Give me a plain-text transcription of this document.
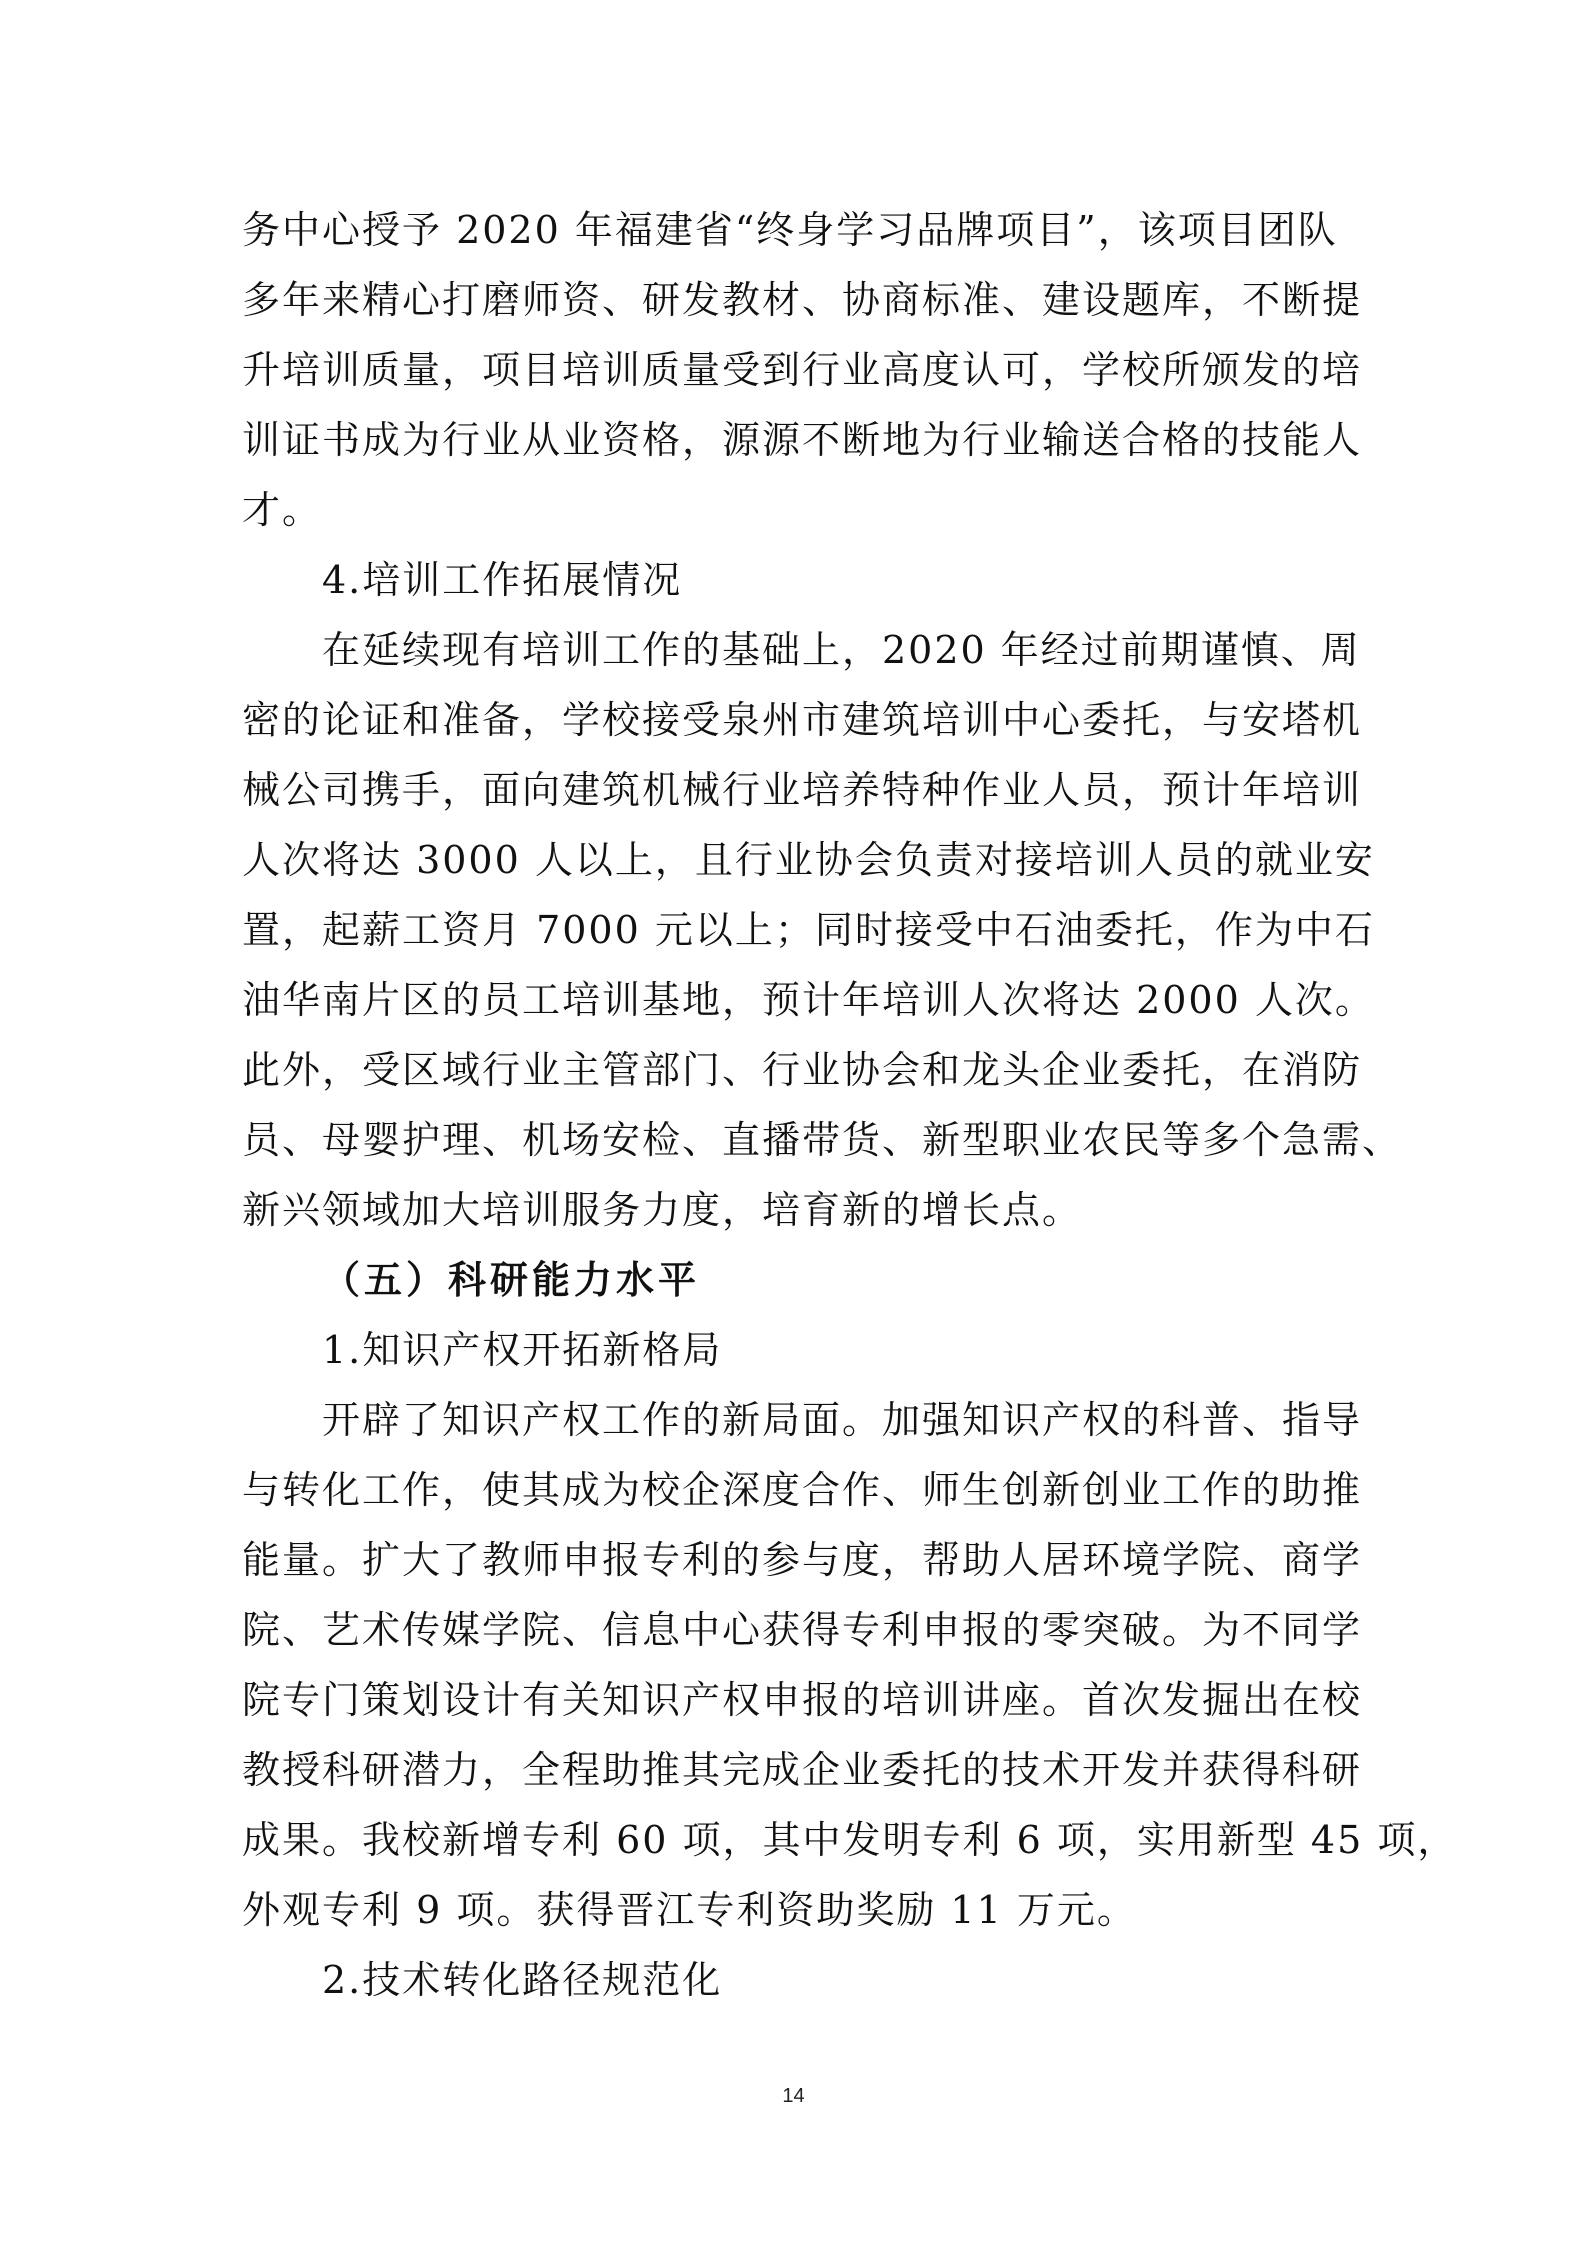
务中心授予 2020 年福建省“终身学习品牌项目”，该项目团队
多年来精心打磨师资、研发教材、协商标准、建设题库，不断提
升培训质量，项目培训质量受到行业高度认可，学校所颁发的培
训证书成为行业从业资格，源源不断地为行业输送合格的技能人
才。
4.培训工作拓展情况
在延续现有培训工作的基础上，2020 年经过前期谨慎、周
密的论证和准备，学校接受泉州市建筑培训中心委托，与安塔机
械公司携手，面向建筑机械行业培养特种作业人员，预计年培训
人次将达 3000 人以上，且行业协会负责对接培训人员的就业安
置，起薪工资月 7000 元以上；同时接受中石油委托，作为中石
油华南片区的员工培训基地，预计年培训人次将达 2000 人次。
此外，受区域行业主管部门、行业协会和龙头企业委托，在消防
员、母婴护理、机场安检、直播带货、新型职业农民等多个急需、
新兴领域加大培训服务力度，培育新的增长点。
（五）科研能力水平
1.知识产权开拓新格局
开辟了知识产权工作的新局面。加强知识产权的科普、指导
与转化工作，使其成为校企深度合作、师生创新创业工作的助推
能量。扩大了教师申报专利的参与度，帮助人居环境学院、商学
院、艺术传媒学院、信息中心获得专利申报的零突破。为不同学
院专门策划设计有关知识产权申报的培训讲座。首次发掘出在校
教授科研潜力，全程助推其完成企业委托的技术开发并获得科研
成果。我校新增专利 60 项，其中发明专利 6 项，实用新型 45 项，
外观专利 9 项。获得晋江专利资助奖励 11 万元。
2.技术转化路径规范化
14
